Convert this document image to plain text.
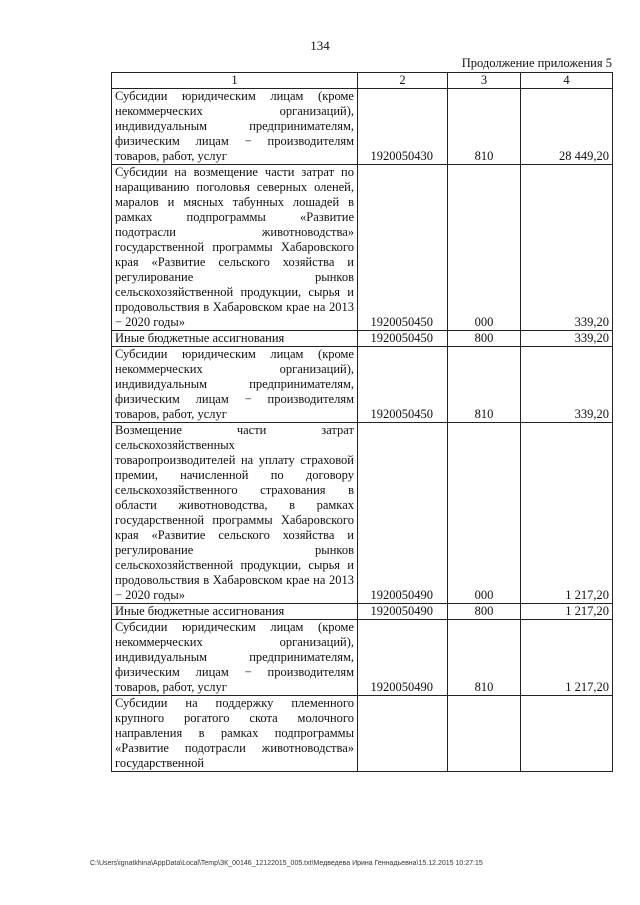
134
Продолжение приложения 5
1	2	3	4
Субсидии юридическим лицам (кроме некоммерческих организаций), индивидуальным предпринимателям, физическим лицам − производителям товаров, работ, услуг	1920050430	810	28 449,20
Субсидии на возмещение части затрат по наращиванию поголовья северных оленей, маралов и мясных табунных лошадей в рамках подпрограммы «Развитие подотрасли животноводства» государственной программы Хабаровского края «Развитие сельского хозяйства и регулирование рынков сельскохозяйственной продукции, сырья и продовольствия в Хабаровском крае на 2013 − 2020 годы»	1920050450	000	339,20
Иные бюджетные ассигнования	1920050450	800	339,20
Субсидии юридическим лицам (кроме некоммерческих организаций), индивидуальным предпринимателям, физическим лицам − производителям товаров, работ, услуг	1920050450	810	339,20
Возмещение части затрат сельскохозяйственных товаропроизводителей на уплату страховой премии, начисленной по договору сельскохозяйственного страхования в области животноводства, в рамках государственной программы Хабаровского края «Развитие сельского хозяйства и регулирование рынков сельскохозяйственной продукции, сырья и продовольствия в Хабаровском крае на 2013 − 2020 годы»	1920050490	000	1 217,20
Иные бюджетные ассигнования	1920050490	800	1 217,20
Субсидии юридическим лицам (кроме некоммерческих организаций), индивидуальным предпринимателям, физическим лицам − производителям товаров, работ, услуг	1920050490	810	1 217,20
Субсидии на поддержку племенного крупного рогатого скота молочного направления в рамках подпрограммы «Развитие подотрасли животноводства» государственной			
C:\Users\ignatkhina\AppData\Local\Temp\ЗК_00146_12122015_005.txt\Медведева Ирина Геннадьевна\15.12.2015 10:27:15
